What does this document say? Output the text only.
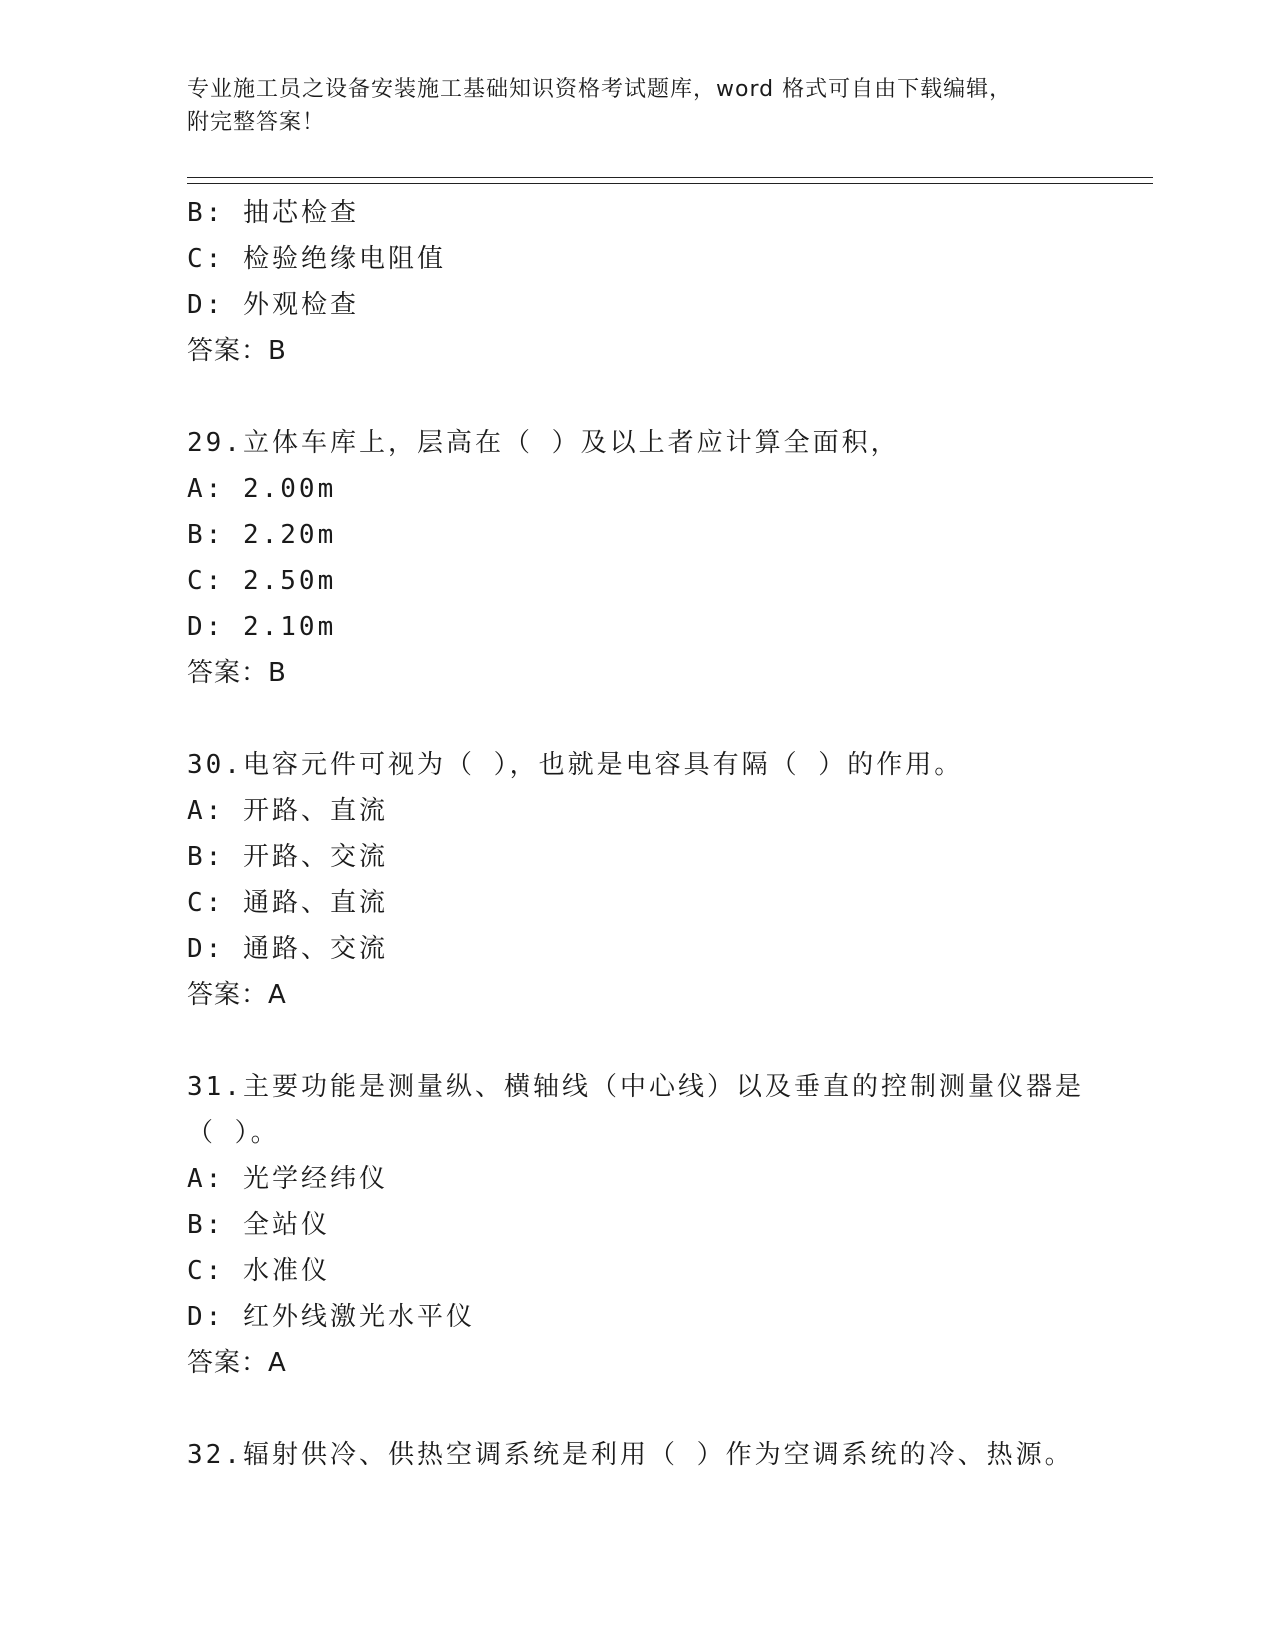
专业施工员之设备安装施工基础知识资格考试题库，word 格式可自由下载编辑，
附完整答案！
B: 抽芯检查
C: 检验绝缘电阻值
D: 外观检查
答案：B
29.立体车库上，层高在（ ）及以上者应计算全面积，
A: 2.00m
B: 2.20m
C: 2.50m
D: 2.10m
答案：B
30.电容元件可视为（ ），也就是电容具有隔（ ）的作用。
A: 开路、直流
B: 开路、交流
C: 通路、直流
D: 通路、交流
答案：A
31.主要功能是测量纵、横轴线（中心线）以及垂直的控制测量仪器是
（ ）。
A: 光学经纬仪
B: 全站仪
C: 水准仪
D: 红外线激光水平仪
答案：A
32.辐射供冷、供热空调系统是利用（ ）作为空调系统的冷、热源。
